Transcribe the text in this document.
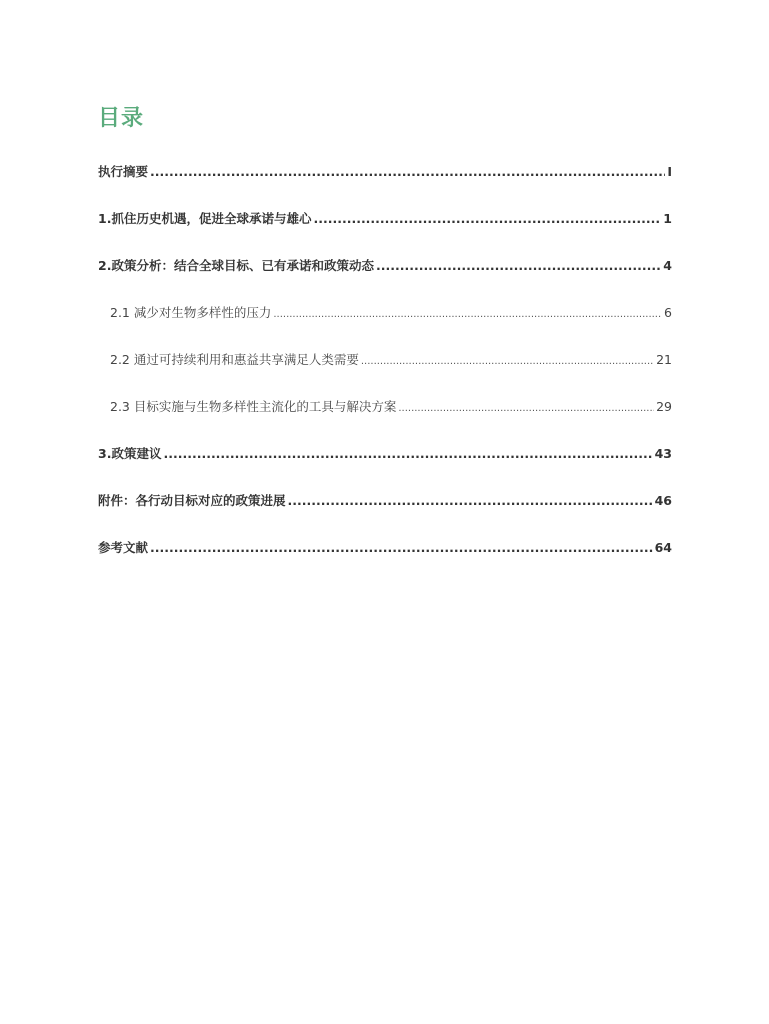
目录
执行摘要 .....	I
1.抓住历史机遇，促进全球承诺与雄心 .....	1
2.政策分析：结合全球目标、已有承诺和政策动态 .....	4
2.1 减少对生物多样性的压力 .....	6
2.2 通过可持续利用和惠益共享满足人类需要 .....	21
2.3 目标实施与生物多样性主流化的工具与解决方案 .....	29
3.政策建议 .....	43
附件：各行动目标对应的政策进展 .....	46
参考文献 .....	64
